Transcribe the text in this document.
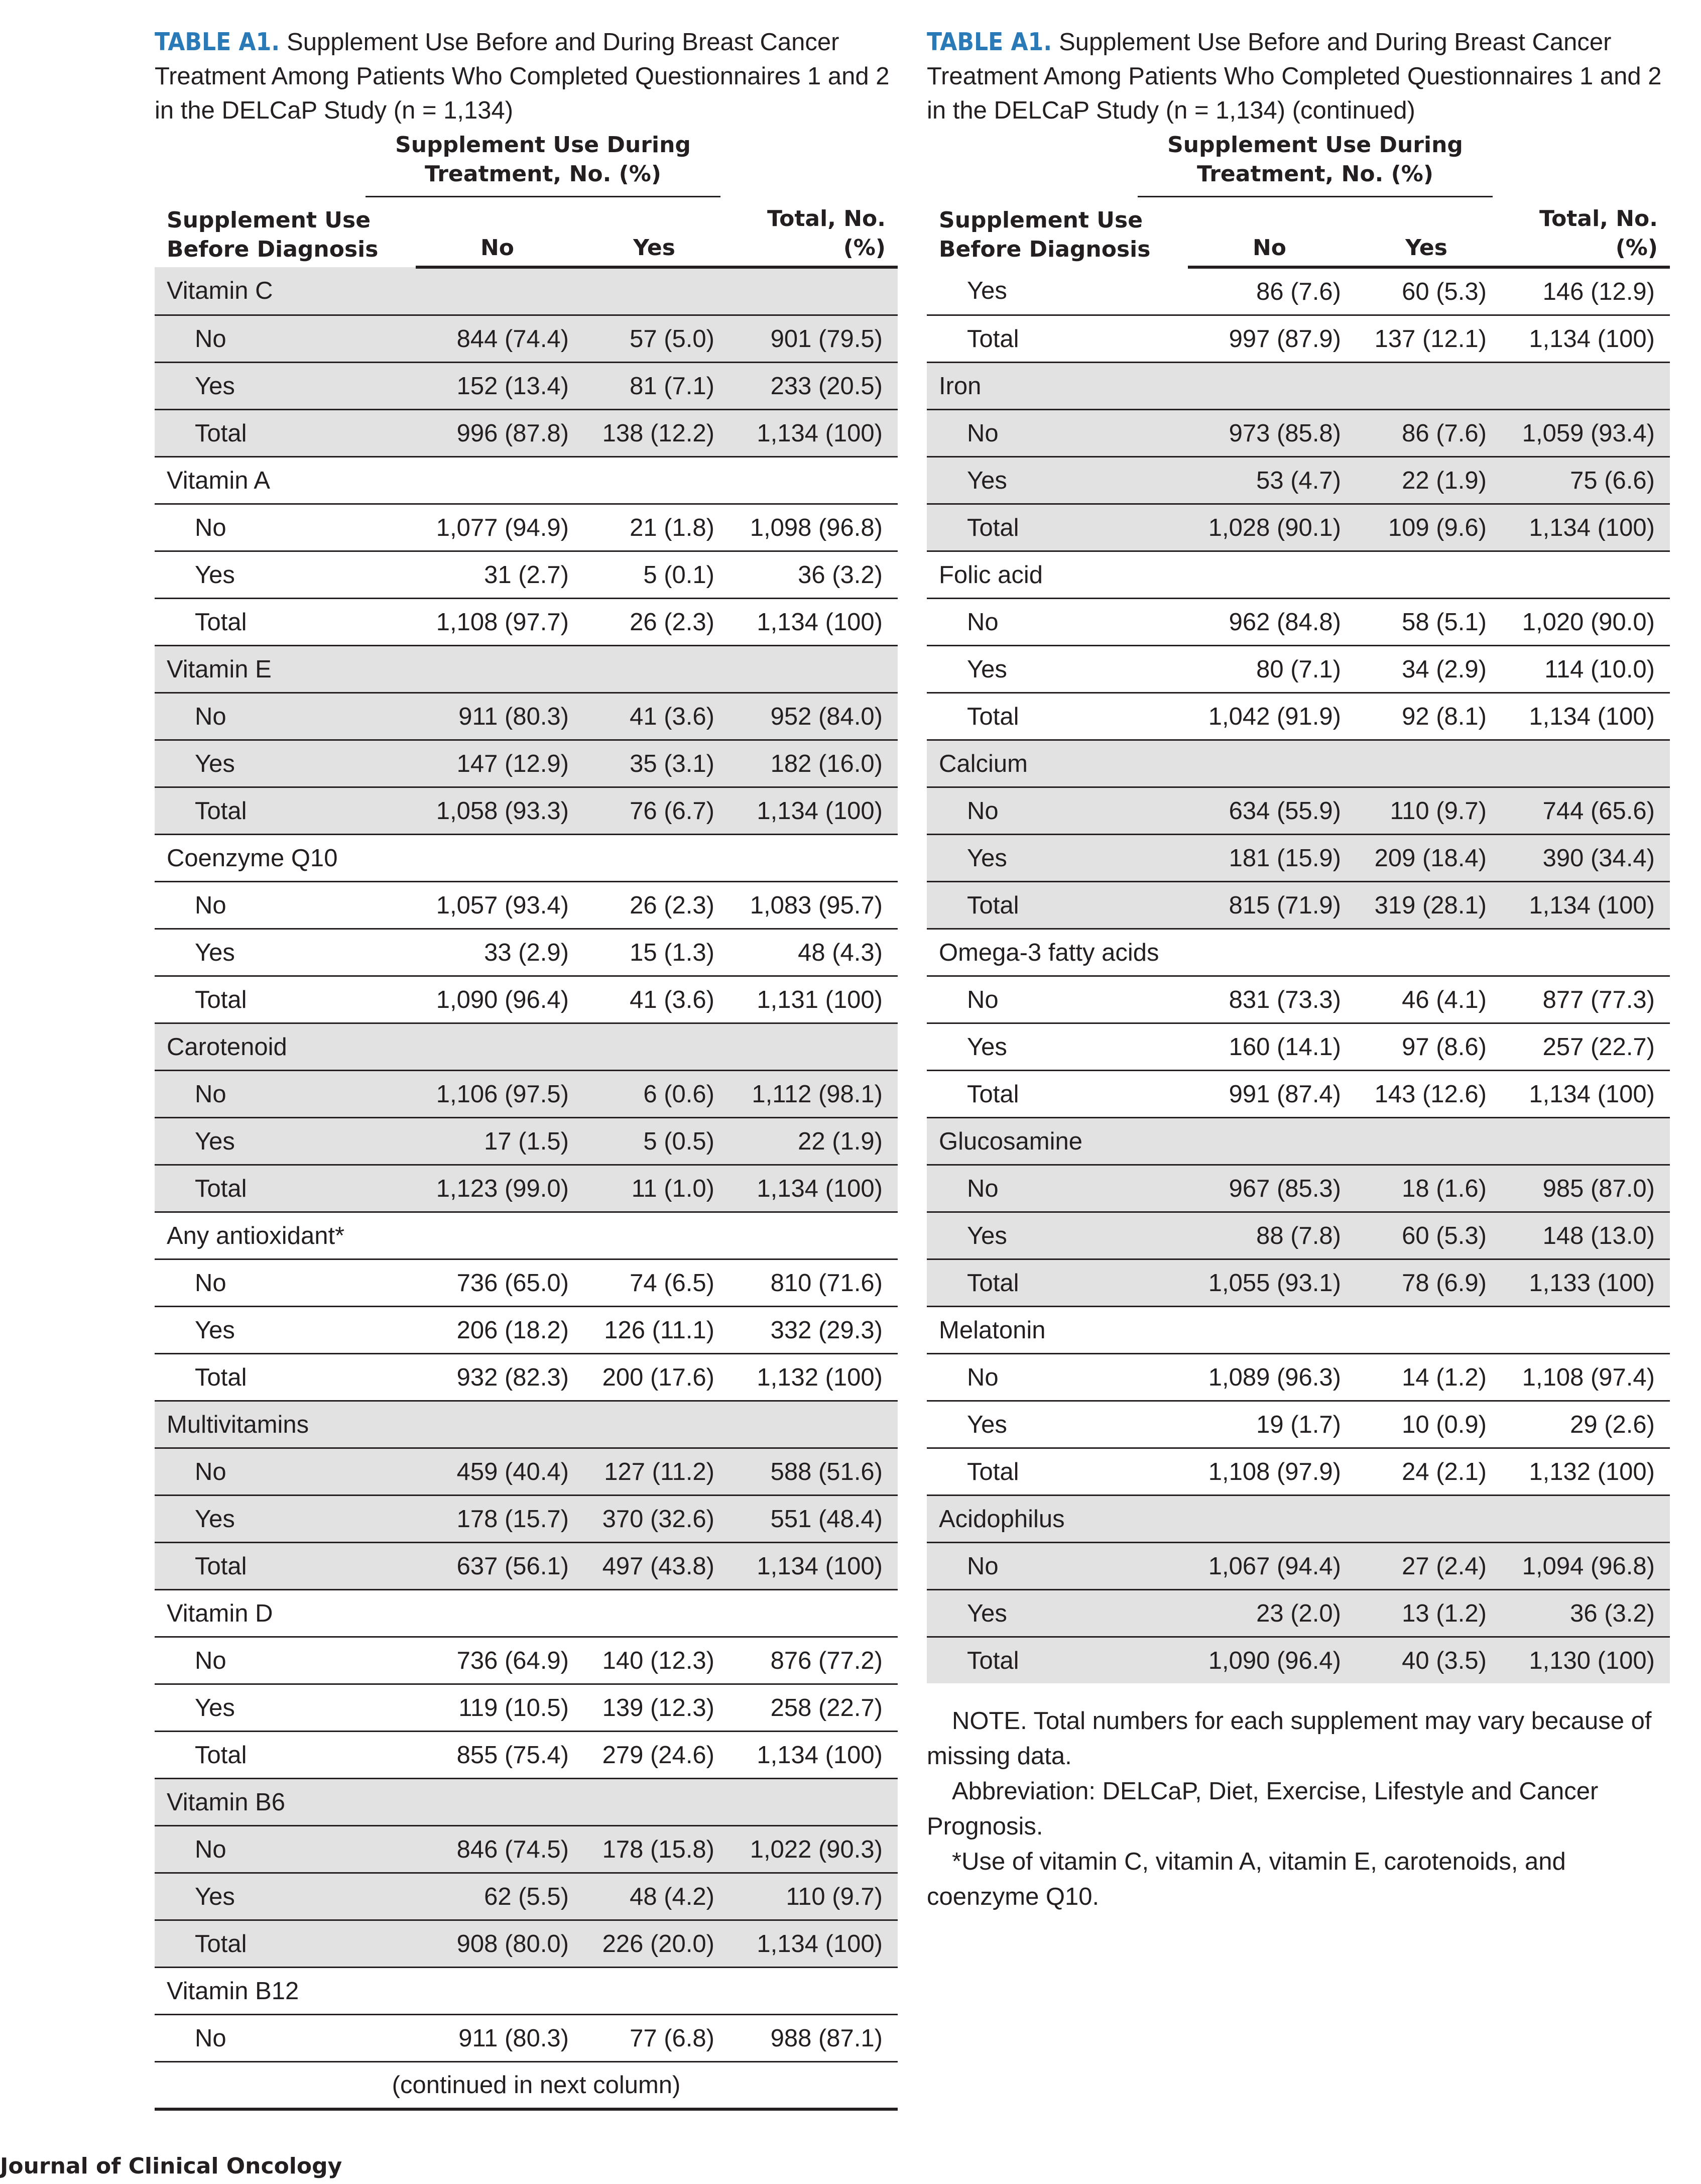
TABLE A1. Supplement Use Before and During Breast Cancer Treatment Among Patients Who Completed Questionnaires 1 and 2 in the DELCaP Study (n = 1,134)

Supplement Use Before Diagnosis	Supplement Use During Treatment, No. (%)		

	No	Yes	Total, No. (%)
Vitamin C			
No	844 (74.4)	57 (5.0)	901 (79.5)
Yes	152 (13.4)	81 (7.1)	233 (20.5)
Total	996 (87.8)	138 (12.2)	1,134 (100)
Vitamin A			
No	1,077 (94.9)	21 (1.8)	1,098 (96.8)
Yes	31 (2.7)	5 (0.1)	36 (3.2)
Total	1,108 (97.7)	26 (2.3)	1,134 (100)
Vitamin E			
No	911 (80.3)	41 (3.6)	952 (84.0)
Yes	147 (12.9)	35 (3.1)	182 (16.0)
Total	1,058 (93.3)	76 (6.7)	1,134 (100)
Coenzyme Q10			
No	1,057 (93.4)	26 (2.3)	1,083 (95.7)
Yes	33 (2.9)	15 (1.3)	48 (4.3)
Total	1,090 (96.4)	41 (3.6)	1,131 (100)
Carotenoid			
No	1,106 (97.5)	6 (0.6)	1,112 (98.1)
Yes	17 (1.5)	5 (0.5)	22 (1.9)
Total	1,123 (99.0)	11 (1.0)	1,134 (100)
Any antioxidant*			
No	736 (65.0)	74 (6.5)	810 (71.6)
Yes	206 (18.2)	126 (11.1)	332 (29.3)
Total	932 (82.3)	200 (17.6)	1,132 (100)
Multivitamins			
No	459 (40.4)	127 (11.2)	588 (51.6)
Yes	178 (15.7)	370 (32.6)	551 (48.4)
Total	637 (56.1)	497 (43.8)	1,134 (100)
Vitamin D			
No	736 (64.9)	140 (12.3)	876 (77.2)
Yes	119 (10.5)	139 (12.3)	258 (22.7)
Total	855 (75.4)	279 (24.6)	1,134 (100)
Vitamin B6			
No	846 (74.5)	178 (15.8)	1,022 (90.3)
Yes	62 (5.5)	48 (4.2)	110 (9.7)
Total	908 (80.0)	226 (20.0)	1,134 (100)
Vitamin B12			
No	911 (80.3)	77 (6.8)	988 (87.1)
(continued in next column)

TABLE A1. Supplement Use Before and During Breast Cancer Treatment Among Patients Who Completed Questionnaires 1 and 2 in the DELCaP Study (n = 1,134) (continued)

Supplement Use Before Diagnosis	Supplement Use During Treatment, No. (%)		

	No	Yes	Total, No. (%)
Yes	86 (7.6)	60 (5.3)	146 (12.9)
Total	997 (87.9)	137 (12.1)	1,134 (100)
Iron			
No	973 (85.8)	86 (7.6)	1,059 (93.4)
Yes	53 (4.7)	22 (1.9)	75 (6.6)
Total	1,028 (90.1)	109 (9.6)	1,134 (100)
Folic acid			
No	962 (84.8)	58 (5.1)	1,020 (90.0)
Yes	80 (7.1)	34 (2.9)	114 (10.0)
Total	1,042 (91.9)	92 (8.1)	1,134 (100)
Calcium			
No	634 (55.9)	110 (9.7)	744 (65.6)
Yes	181 (15.9)	209 (18.4)	390 (34.4)
Total	815 (71.9)	319 (28.1)	1,134 (100)
Omega-3 fatty acids			
No	831 (73.3)	46 (4.1)	877 (77.3)
Yes	160 (14.1)	97 (8.6)	257 (22.7)
Total	991 (87.4)	143 (12.6)	1,134 (100)
Glucosamine			
No	967 (85.3)	18 (1.6)	985 (87.0)
Yes	88 (7.8)	60 (5.3)	148 (13.0)
Total	1,055 (93.1)	78 (6.9)	1,133 (100)
Melatonin			
No	1,089 (96.3)	14 (1.2)	1,108 (97.4)
Yes	19 (1.7)	10 (0.9)	29 (2.6)
Total	1,108 (97.9)	24 (2.1)	1,132 (100)
Acidophilus			
No	1,067 (94.4)	27 (2.4)	1,094 (96.8)
Yes	23 (2.0)	13 (1.2)	36 (3.2)
Total	1,090 (96.4)	40 (3.5)	1,130 (100)

NOTE. Total numbers for each supplement may vary because of missing data.

Abbreviation: DELCaP, Diet, Exercise, Lifestyle and Cancer Prognosis.

*Use of vitamin C, vitamin A, vitamin E, carotenoids, and coenzyme Q10.

Journal of Clinical Oncology
